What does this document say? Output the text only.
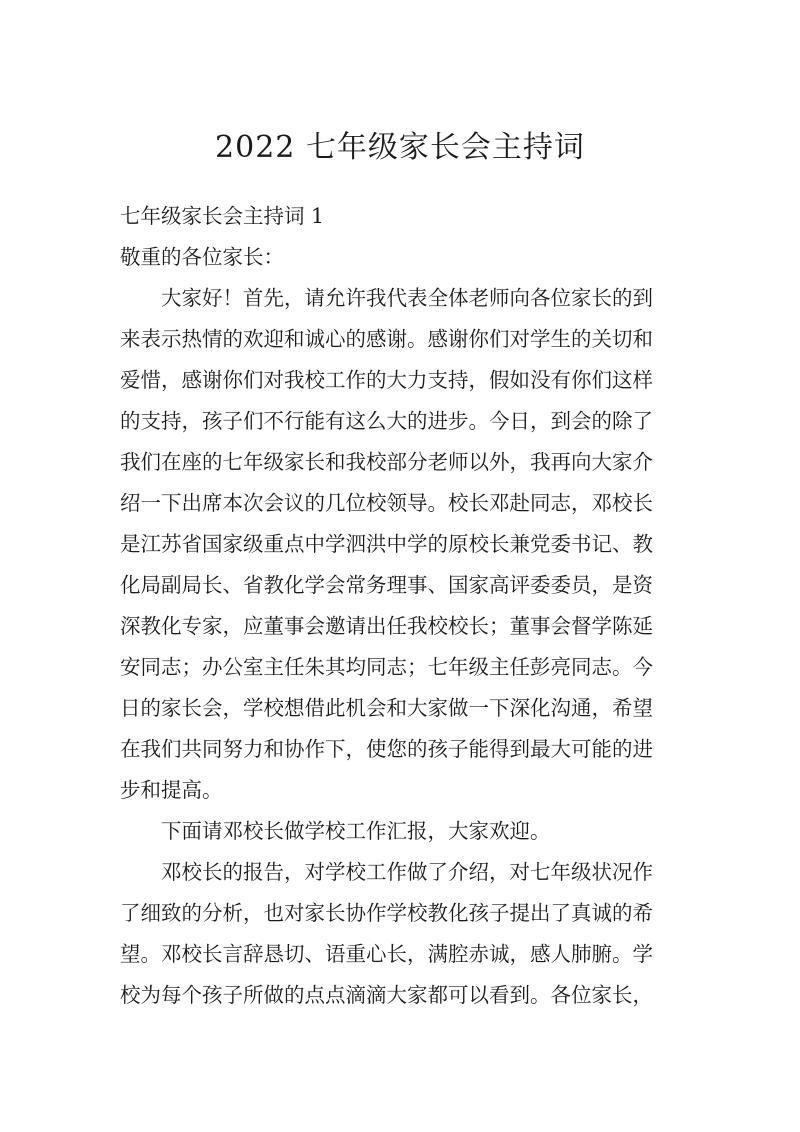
2022 七年级家长会主持词
七年级家长会主持词 1
敬重的各位家长：
大家好！首先，请允许我代表全体老师向各位家长的到
来表示热情的欢迎和诚心的感谢。感谢你们对学生的关切和
爱惜，感谢你们对我校工作的大力支持，假如没有你们这样
的支持，孩子们不行能有这么大的进步。今日，到会的除了
我们在座的七年级家长和我校部分老师以外，我再向大家介
绍一下出席本次会议的几位校领导。校长邓赴同志，邓校长
是江苏省国家级重点中学泗洪中学的原校长兼党委书记、教
化局副局长、省教化学会常务理事、国家高评委委员，是资
深教化专家，应董事会邀请出任我校校长；董事会督学陈延
安同志；办公室主任朱其均同志；七年级主任彭亮同志。今
日的家长会，学校想借此机会和大家做一下深化沟通，希望
在我们共同努力和协作下，使您的孩子能得到最大可能的进
步和提高。
下面请邓校长做学校工作汇报，大家欢迎。
邓校长的报告，对学校工作做了介绍，对七年级状况作
了细致的分析，也对家长协作学校教化孩子提出了真诚的希
望。邓校长言辞恳切、语重心长，满腔赤诚，感人肺腑。学
校为每个孩子所做的点点滴滴大家都可以看到。各位家长，
